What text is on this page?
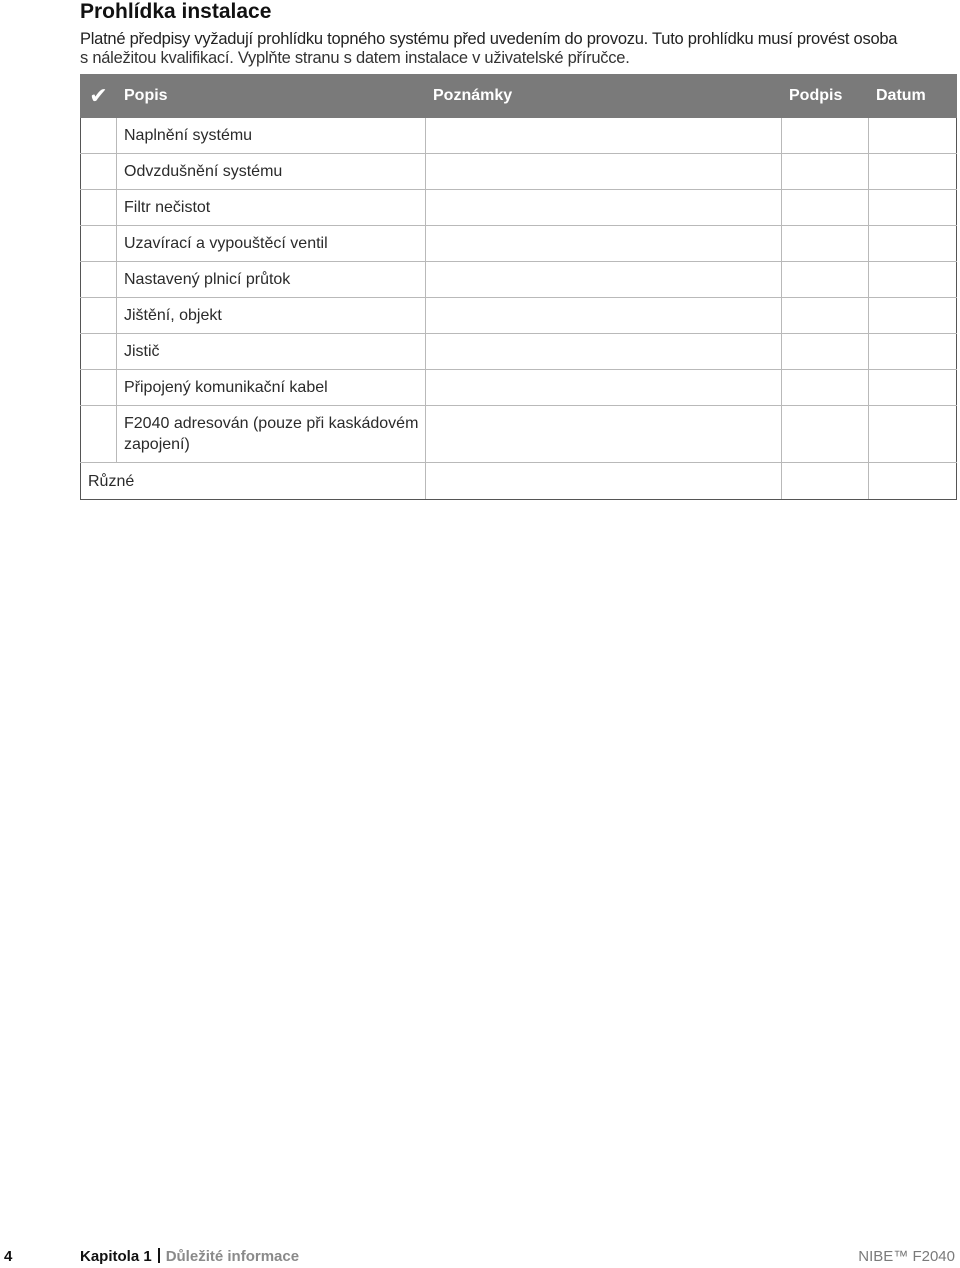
Prohlídka instalace
Platné předpisy vyžadují prohlídku topného systému před uvedením do provozu. Tuto prohlídku musí provést osoba
s náležitou kvalifikací. Vyplňte stranu s datem instalace v uživatelské příručce.
✔	Popis	Poznámky	Podpis	Datum
	Naplnění systému			
	Odvzdušnění systému			
	Filtr nečistot			
	Uzavírací a vypouštěcí ventil			
	Nastavený plnicí průtok			
	Jištění, objekt			
	Jistič			
	Připojený komunikační kabel			
	F2040 adresován (pouze při kaskádovém zapojení)			
Různé				
4	Kapitola 1 Důležité informace	NIBE™ F2040
